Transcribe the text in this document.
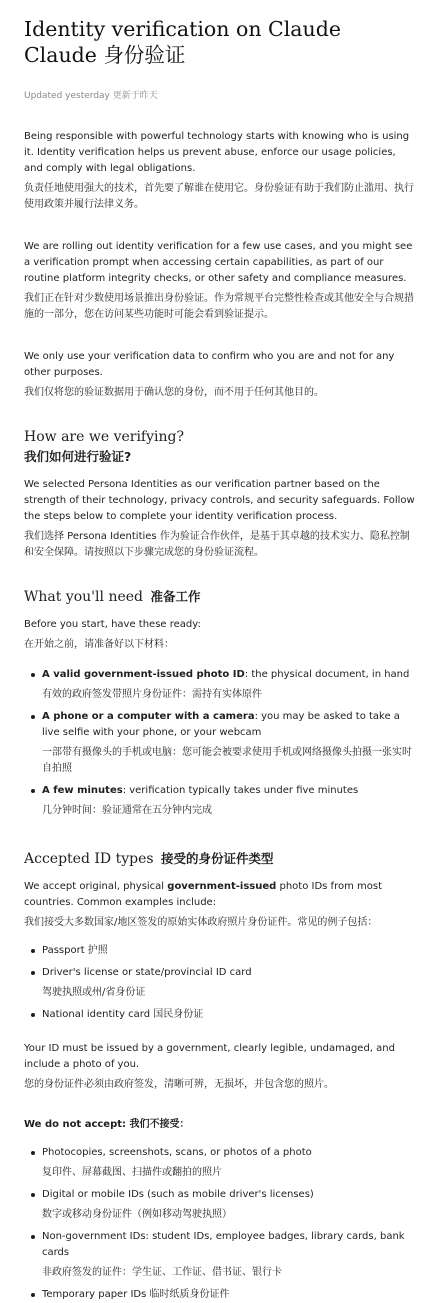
Identity verification on Claude
Claude 身份验证
Updated yesterday 更新于昨天

Being responsible with powerful technology starts with knowing who is using it. Identity verification helps us prevent abuse, enforce our usage policies, and comply with legal obligations.

负责任地使用强大的技术，首先要了解谁在使用它。身份验证有助于我们防止滥用、执行使用政策并履行法律义务。

We are rolling out identity verification for a few use cases, and you might see a verification prompt when accessing certain capabilities, as part of our routine platform integrity checks, or other safety and compliance measures.

我们正在针对少数使用场景推出身份验证。作为常规平台完整性检查或其他安全与合规措施的一部分，您在访问某些功能时可能会看到验证提示。

We only use your verification data to confirm who you are and not for any other purposes.

我们仅将您的验证数据用于确认您的身份，而不用于任何其他目的。

How are we verifying?
我们如何进行验证?

We selected Persona Identities as our verification partner based on the strength of their technology, privacy controls, and security safeguards. Follow the steps below to complete your identity verification process.

我们选择 Persona Identities 作为验证合作伙伴，是基于其卓越的技术实力、隐私控制和安全保障。请按照以下步骤完成您的身份验证流程。

What you'll need 准备工作

Before you start, have these ready:

在开始之前，请准备好以下材料：

A valid government-issued photo ID: the physical document, in hand
有效的政府签发带照片身份证件：需持有实体原件
A phone or a computer with a camera: you may be asked to take a live selfie with your phone, or your webcam
一部带有摄像头的手机或电脑：您可能会被要求使用手机或网络摄像头拍摄一张实时自拍照
A few minutes: verification typically takes under five minutes
几分钟时间：验证通常在五分钟内完成
Accepted ID types 接受的身份证件类型

We accept original, physical government-issued photo IDs from most countries. Common examples include:

我们接受大多数国家/地区签发的原始实体政府照片身份证件。常见的例子包括：

Passport 护照
Driver's license or state/provincial ID card
驾驶执照或州/省身份证
National identity card 国民身份证

Your ID must be issued by a government, clearly legible, undamaged, and include a photo of you.

您的身份证件必须由政府签发，清晰可辨，无损坏，并包含您的照片。

We do not accept: 我们不接受：

Photocopies, screenshots, scans, or photos of a photo
复印件、屏幕截图、扫描件或翻拍的照片
Digital or mobile IDs (such as mobile driver's licenses)
数字或移动身份证件（例如移动驾驶执照）
Non-government IDs: student IDs, employee badges, library cards, bank cards
非政府签发的证件：学生证、工作证、借书证、银行卡
Temporary paper IDs 临时纸质身份证件
